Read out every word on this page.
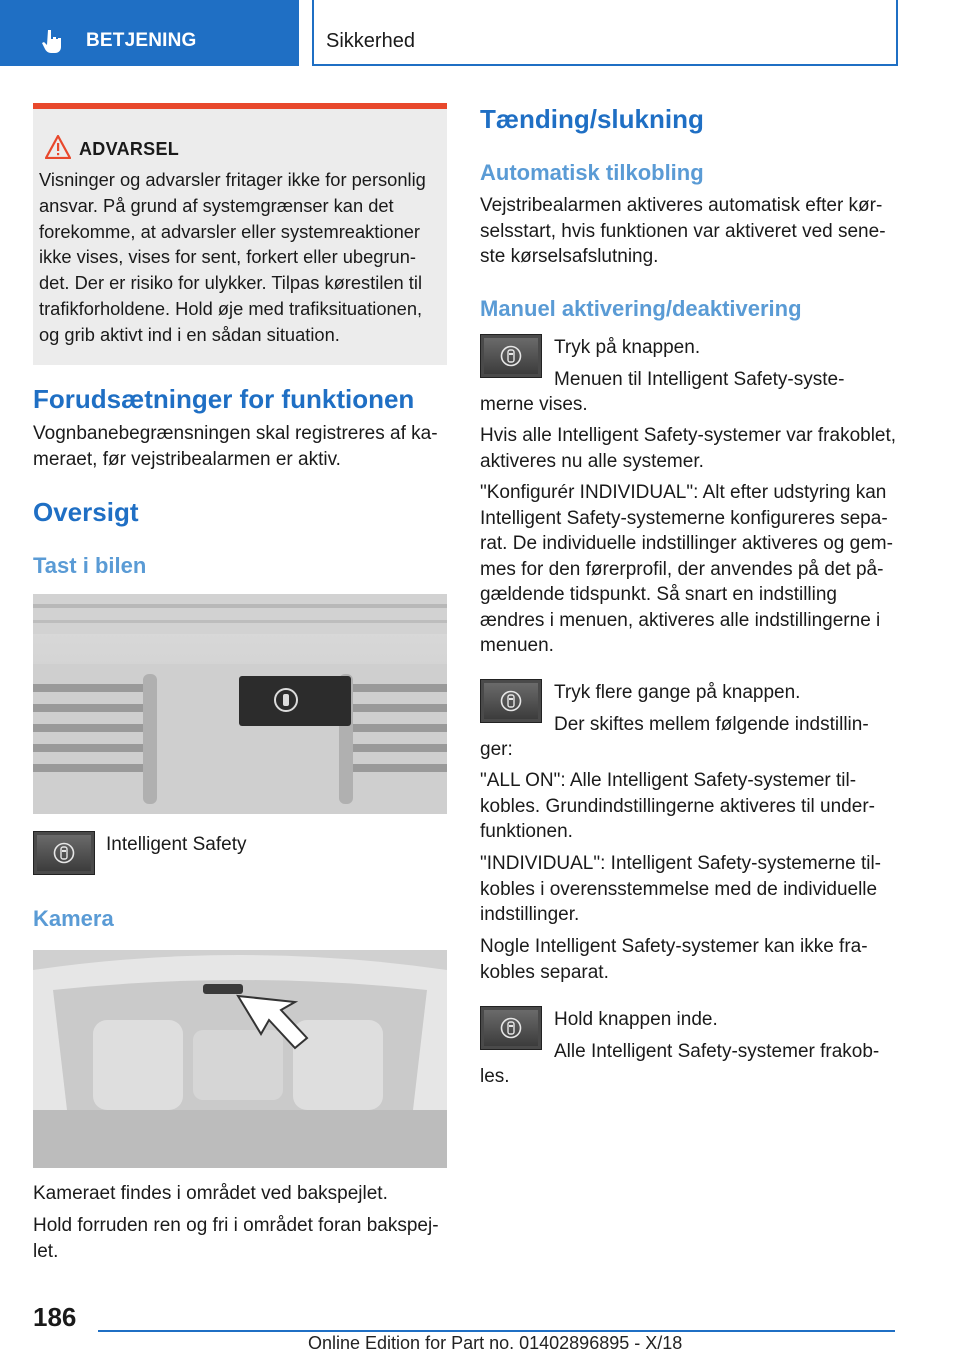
BETJENING	Sikkerhed
ADVARSEL
Visninger og advarsler fritager ikke for personlig
ansvar. På grund af systemgrænser kan det
forekomme, at advarsler eller systemreaktioner
ikke vises, vises for sent, forkert eller ubegrun-
det. Der er risiko for ulykker. Tilpas kørestilen til
trafikforholdene. Hold øje med trafiksituationen,
og grib aktivt ind i en sådan situation.
Forudsætninger for funktionen
Vognbanebegrænsningen skal registreres af ka-
meraet, før vejstribealarmen er aktiv.
Oversigt
Tast i bilen
Intelligent Safety
Kamera
Kameraet findes i området ved bakspejlet.
Hold forruden ren og fri i området foran bakspej-
let.
Tænding/slukning
Automatisk tilkobling
Vejstribealarmen aktiveres automatisk efter kør-
selsstart, hvis funktionen var aktiveret ved sene-
ste kørselsafslutning.
Manuel aktivering/deaktivering
Tryk på knappen.
Menuen til Intelligent Safety-syste-
merne vises.
Hvis alle Intelligent Safety-systemer var frakoblet,
aktiveres nu alle systemer.
"Konfigurér INDIVIDUAL": Alt efter udstyring kan
Intelligent Safety-systemerne konfigureres sepa-
rat. De individuelle indstillinger aktiveres og gem-
mes for den førerprofil, der anvendes på det på-
gældende tidspunkt. Så snart en indstilling
ændres i menuen, aktiveres alle indstillingerne i
menuen.
Tryk flere gange på knappen.
Der skiftes mellem følgende indstillin-
ger:
"ALL ON": Alle Intelligent Safety-systemer til-
kobles. Grundindstillingerne aktiveres til under-
funktionen.
"INDIVIDUAL": Intelligent Safety-systemerne til-
kobles i overensstemmelse med de individuelle
indstillinger.
Nogle Intelligent Safety-systemer kan ikke fra-
kobles separat.
Hold knappen inde.
Alle Intelligent Safety-systemer frakob-
les.
186
Online Edition for Part no. 01402896895 - X/18
